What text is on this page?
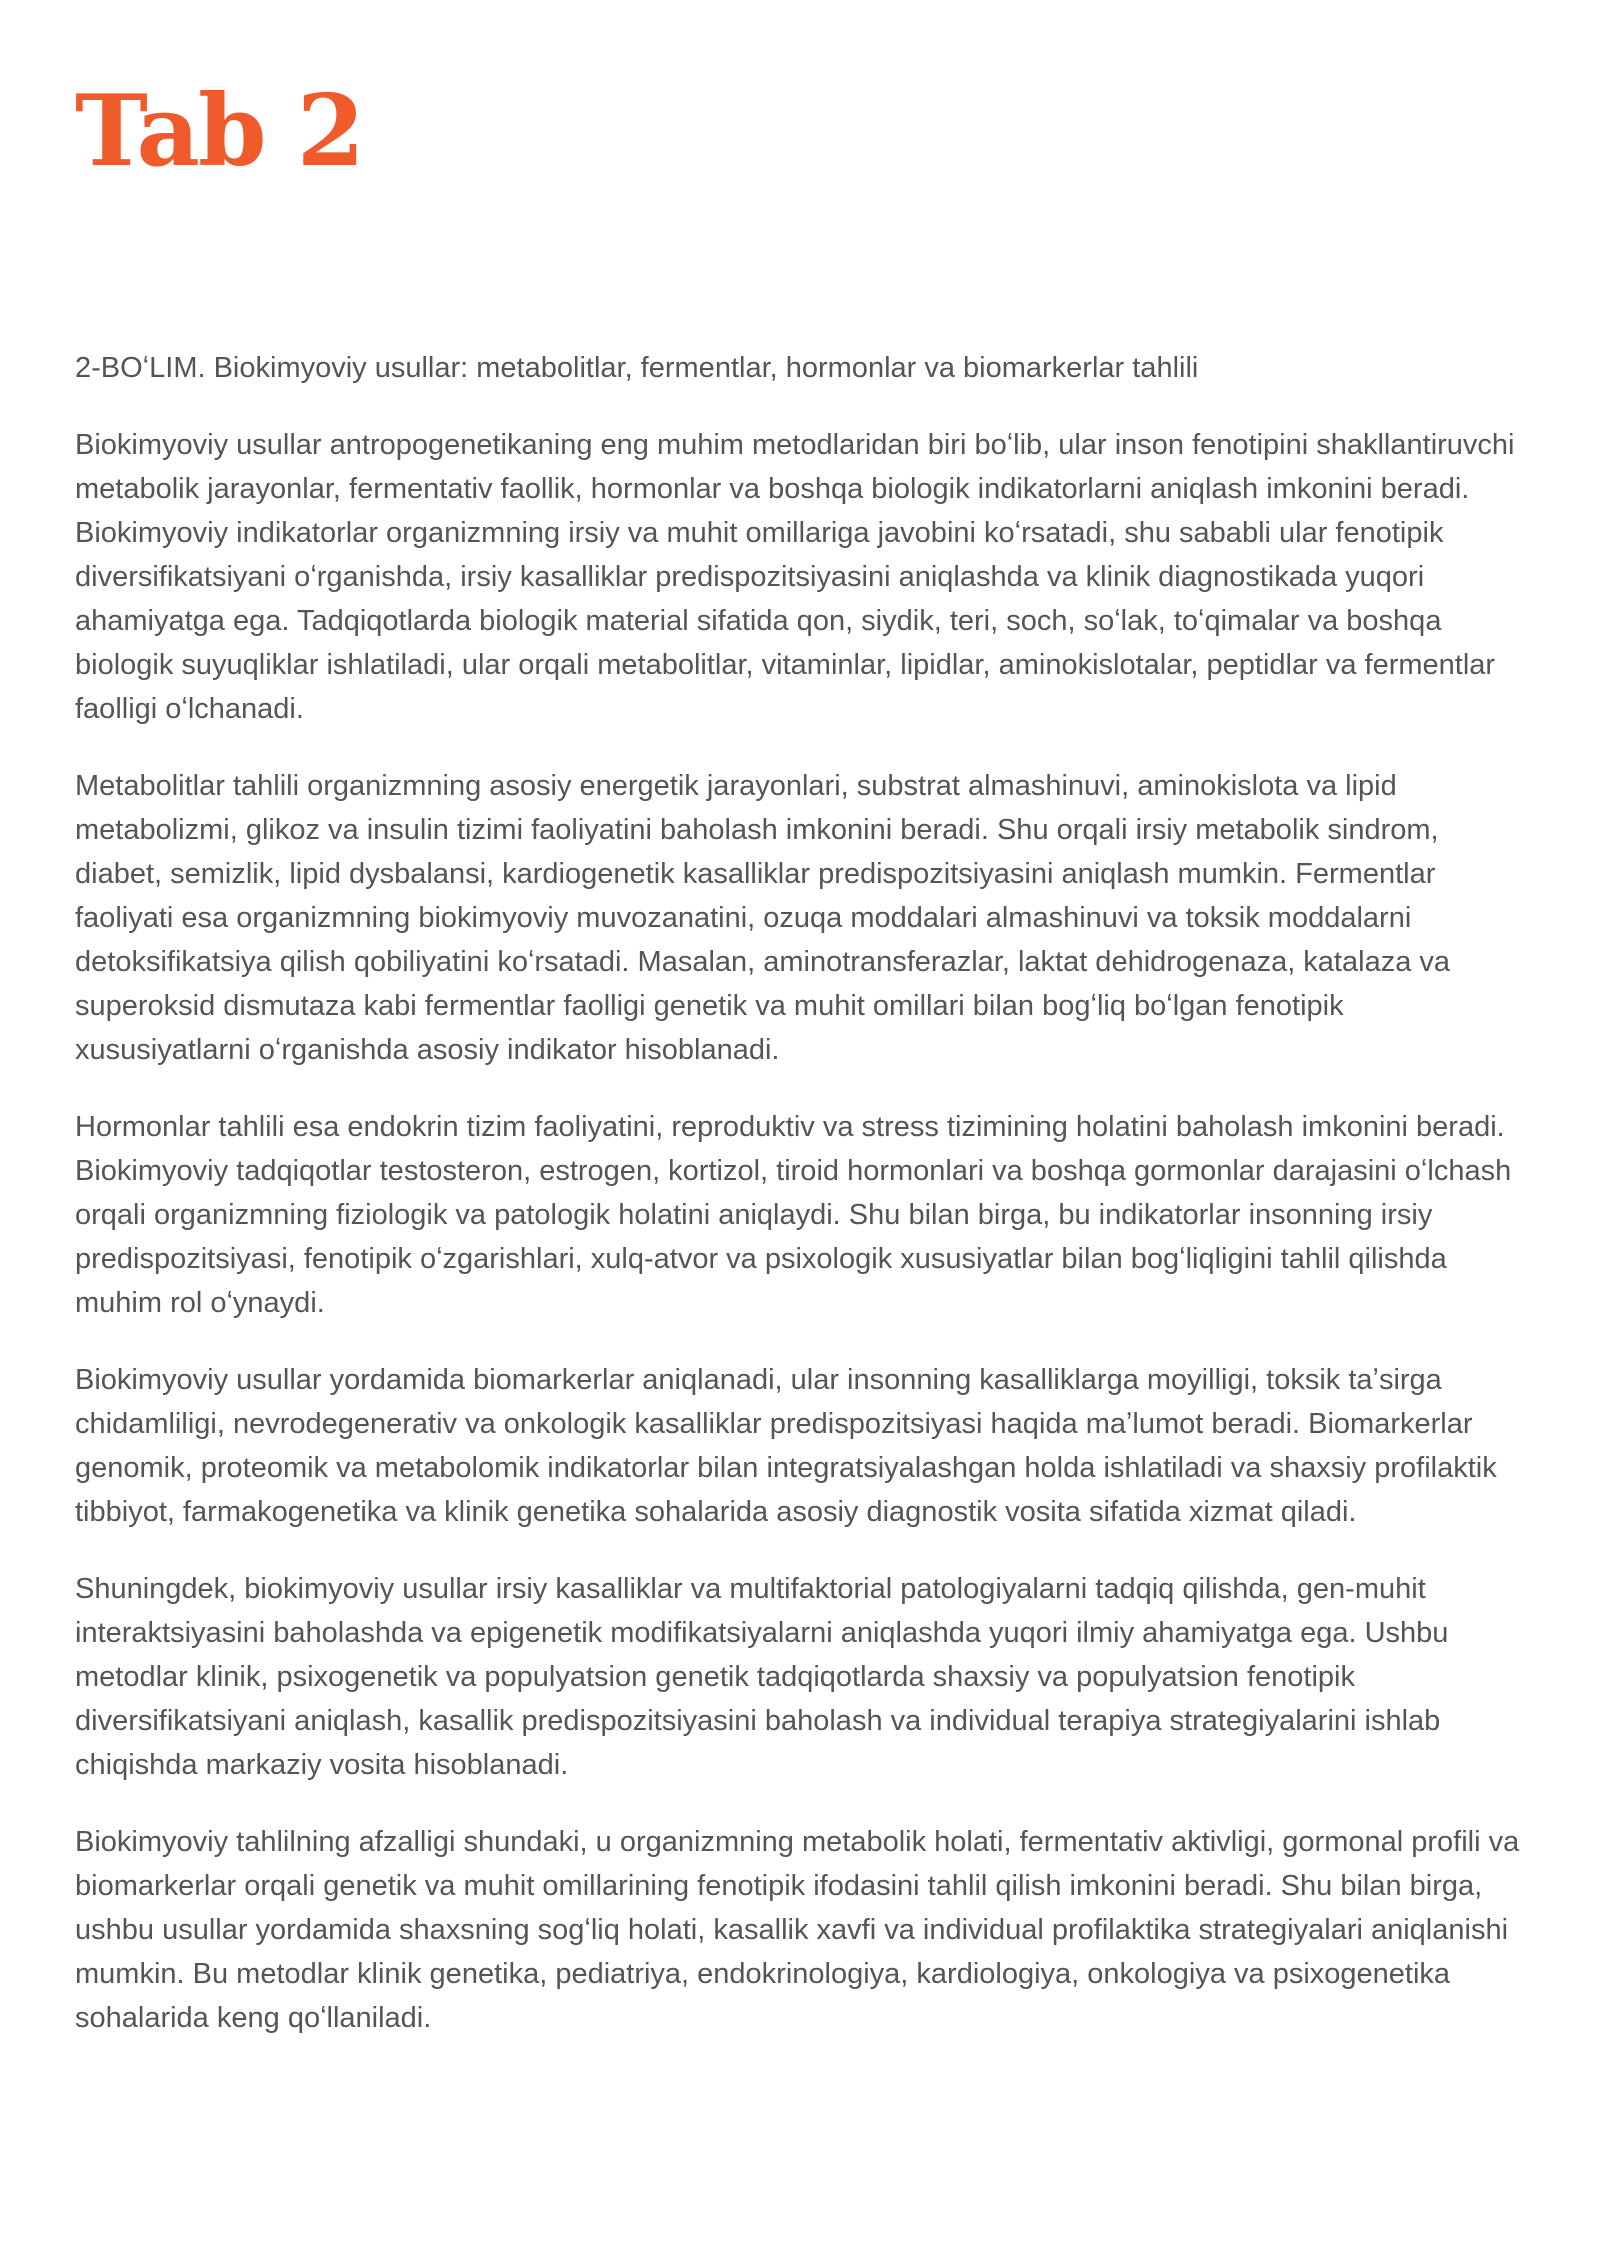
Tab 2

2-BOʻLIM. Biokimyoviy usullar: metabolitlar, fermentlar, hormonlar va biomarkerlar tahlili

Biokimyoviy usullar antropogenetikaning eng muhim metodlaridan biri boʻlib, ular inson fenotipini shakllantiruvchi metabolik jarayonlar, fermentativ faollik, hormonlar va boshqa biologik indikatorlarni aniqlash imkonini beradi. Biokimyoviy indikatorlar organizmning irsiy va muhit omillariga javobini koʻrsatadi, shu sababli ular fenotipik diversifikatsiyani oʻrganishda, irsiy kasalliklar predispozitsiyasini aniqlashda va klinik diagnostikada yuqori ahamiyatga ega. Tadqiqotlarda biologik material sifatida qon, siydik, teri, soch, soʻlak, toʻqimalar va boshqa biologik suyuqliklar ishlatiladi, ular orqali metabolitlar, vitaminlar, lipidlar, aminokislotalar, peptidlar va fermentlar faolligi oʻlchanadi.

Metabolitlar tahlili organizmning asosiy energetik jarayonlari, substrat almashinuvi, aminokislota va lipid metabolizmi, glikoz va insulin tizimi faoliyatini baholash imkonini beradi. Shu orqali irsiy metabolik sindrom, diabet, semizlik, lipid dysbalansi, kardiogenetik kasalliklar predispozitsiyasini aniqlash mumkin. Fermentlar faoliyati esa organizmning biokimyoviy muvozanatini, ozuqa moddalari almashinuvi va toksik moddalarni detoksifikatsiya qilish qobiliyatini koʻrsatadi. Masalan, aminotransferazlar, laktat dehidrogenaza, katalaza va superoksid dismutaza kabi fermentlar faolligi genetik va muhit omillari bilan bogʻliq boʻlgan fenotipik xususiyatlarni oʻrganishda asosiy indikator hisoblanadi.

Hormonlar tahlili esa endokrin tizim faoliyatini, reproduktiv va stress tizimining holatini baholash imkonini beradi. Biokimyoviy tadqiqotlar testosteron, estrogen, kortizol, tiroid hormonlari va boshqa gormonlar darajasini oʻlchash orqali organizmning fiziologik va patologik holatini aniqlaydi. Shu bilan birga, bu indikatorlar insonning irsiy predispozitsiyasi, fenotipik oʻzgarishlari, xulq-atvor va psixologik xususiyatlar bilan bogʻliqligini tahlil qilishda muhim rol oʻynaydi.

Biokimyoviy usullar yordamida biomarkerlar aniqlanadi, ular insonning kasalliklarga moyilligi, toksik taʼsirga chidamliligi, nevrodegenerativ va onkologik kasalliklar predispozitsiyasi haqida maʼlumot beradi. Biomarkerlar genomik, proteomik va metabolomik indikatorlar bilan integratsiyalashgan holda ishlatiladi va shaxsiy profilaktik tibbiyot, farmakogenetika va klinik genetika sohalarida asosiy diagnostik vosita sifatida xizmat qiladi.

Shuningdek, biokimyoviy usullar irsiy kasalliklar va multifaktorial patologiyalarni tadqiq qilishda, gen-muhit interaktsiyasini baholashda va epigenetik modifikatsiyalarni aniqlashda yuqori ilmiy ahamiyatga ega. Ushbu metodlar klinik, psixogenetik va populyatsion genetik tadqiqotlarda shaxsiy va populyatsion fenotipik diversifikatsiyani aniqlash, kasallik predispozitsiyasini baholash va individual terapiya strategiyalarini ishlab chiqishda markaziy vosita hisoblanadi.

Biokimyoviy tahlilning afzalligi shundaki, u organizmning metabolik holati, fermentativ aktivligi, gormonal profili va biomarkerlar orqali genetik va muhit omillarining fenotipik ifodasini tahlil qilish imkonini beradi. Shu bilan birga, ushbu usullar yordamida shaxsning sogʻliq holati, kasallik xavfi va individual profilaktika strategiyalari aniqlanishi mumkin. Bu metodlar klinik genetika, pediatriya, endokrinologiya, kardiologiya, onkologiya va psixogenetika sohalarida keng qoʻllaniladi.
